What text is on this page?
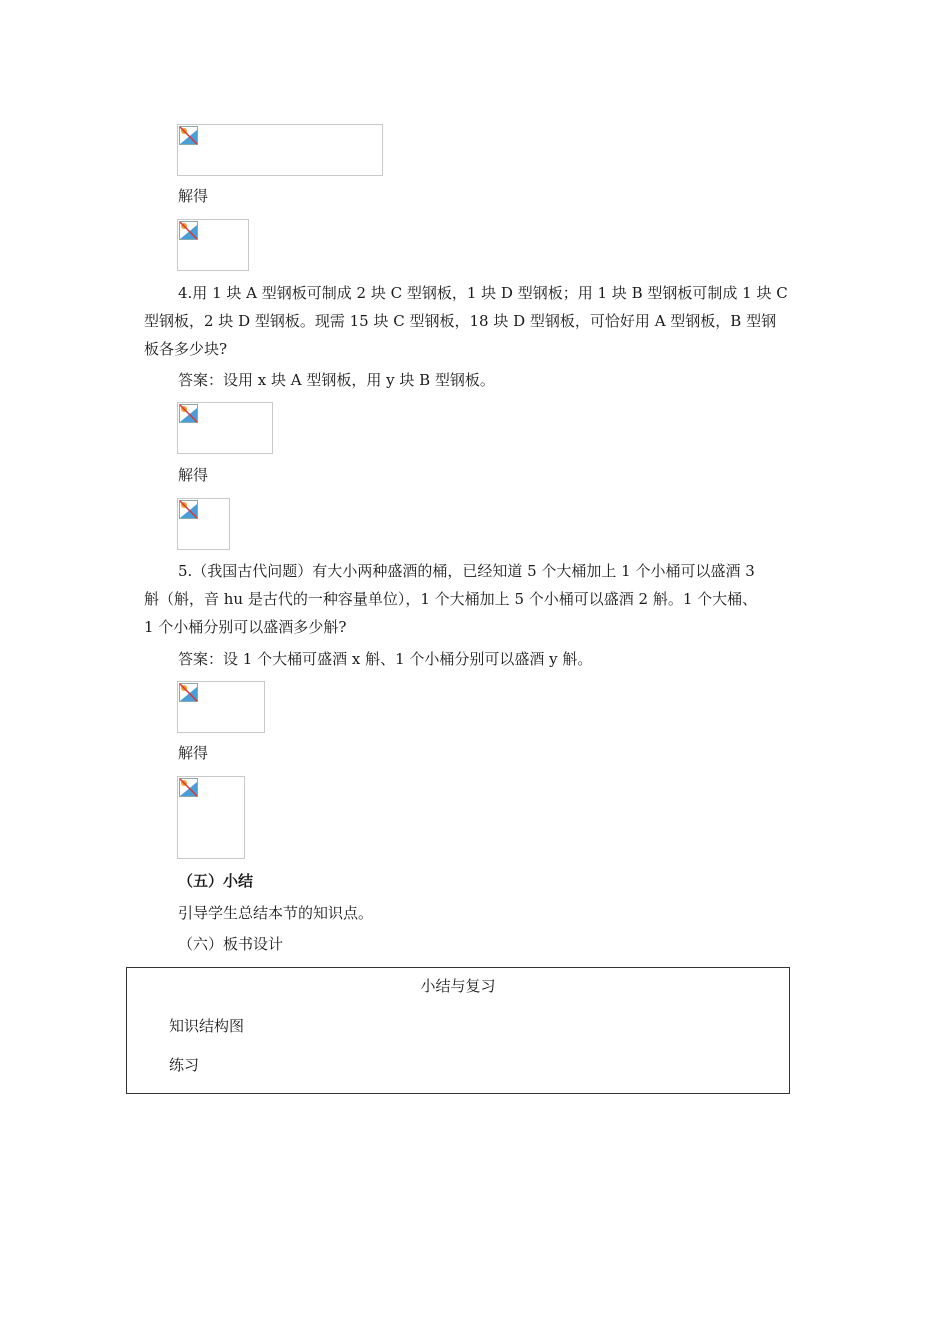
解得
4.用 1 块 A 型钢板可制成 2 块 C 型钢板，1 块 D 型钢板；用 1 块 B 型钢板可制成 1 块 C
型钢板，2 块 D 型钢板。现需 15 块 C 型钢板，18 块 D 型钢板，可恰好用 A 型钢板，B 型钢
板各多少块?
答案：设用 x 块 A 型钢板，用 y 块 B 型钢板。
解得
5.（我国古代问题）有大小两种盛酒的桶，已经知道 5 个大桶加上 1 个小桶可以盛酒 3
斛（斛，音 hu 是古代的一种容量单位），1 个大桶加上 5 个小桶可以盛酒 2 斛。1 个大桶、
1 个小桶分别可以盛酒多少斛?
答案：设 1 个大桶可盛酒 x 斛、1 个小桶分别可以盛酒 y 斛。
解得
（五）小结
引导学生总结本节的知识点。
（六）板书设计
小结与复习
知识结构图
练习
